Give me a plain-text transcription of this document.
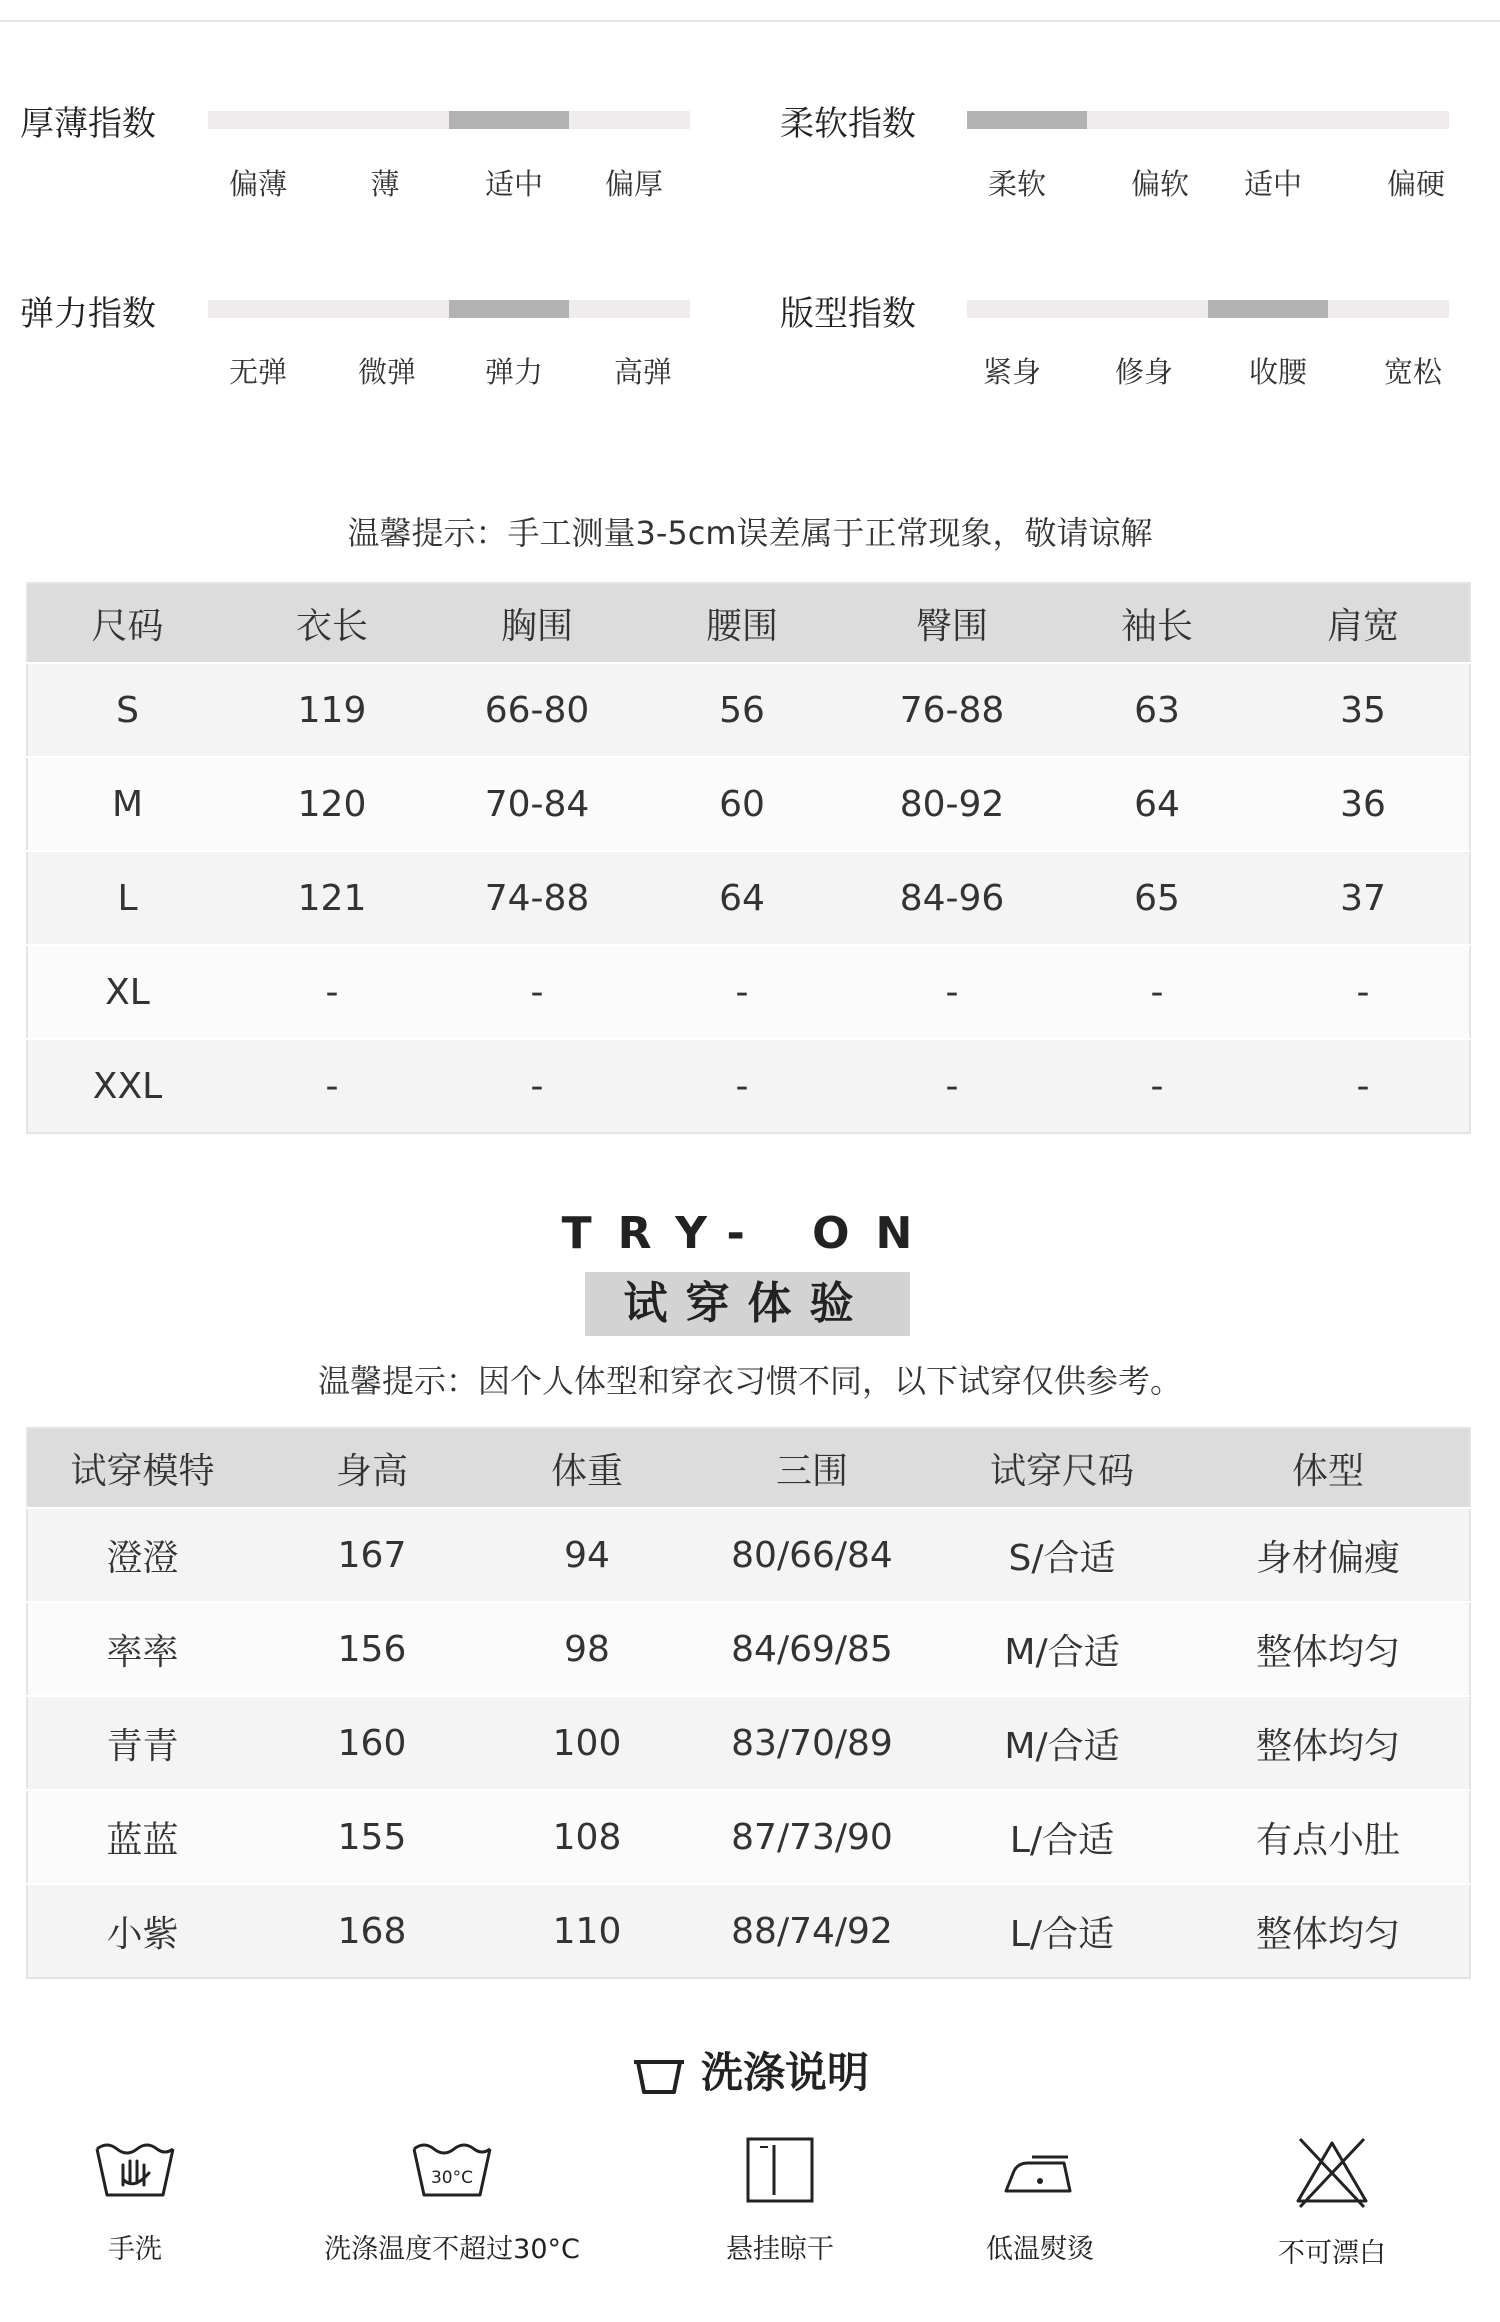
厚薄指数
偏薄	薄	适中 偏厚
柔软指数
柔软	偏软 适中	偏硬
弹力指数
无弹 微弹 弹力 高弹
版型指数
紧身	修身	收腰	宽松
温馨提示：手工测量3-5cm误差属于正常现象，敬请谅解
尺码	衣长	胸围	腰围	臀围	袖长	肩宽
S	119	66-80	56	76-88	63	35
M	120	70-84	60	80-92	64	36
L	121	74-88	64	84-96	65	37
XL	-	-	-	-	-	-
XXL	-	-	-	-	-	-
TRY- ON
试穿体验
温馨提示：因个人体型和穿衣习惯不同，以下试穿仅供参考。
试穿模特	身高	体重	三围	试穿尺码	体型
澄澄	167	94	80/66/84	S/合适	身材偏瘦
率率	156	98	84/69/85	M/合适	整体均匀
青青	160	100	83/70/89	M/合适	整体均匀
蓝蓝	155	108	87/73/90	L/合适	有点小肚
小紫	168	110	88/74/92	L/合适	整体均匀
洗涤说明
手洗
30°C
洗涤温度不超过30°C	悬挂晾干	低温熨烫	不可漂白
